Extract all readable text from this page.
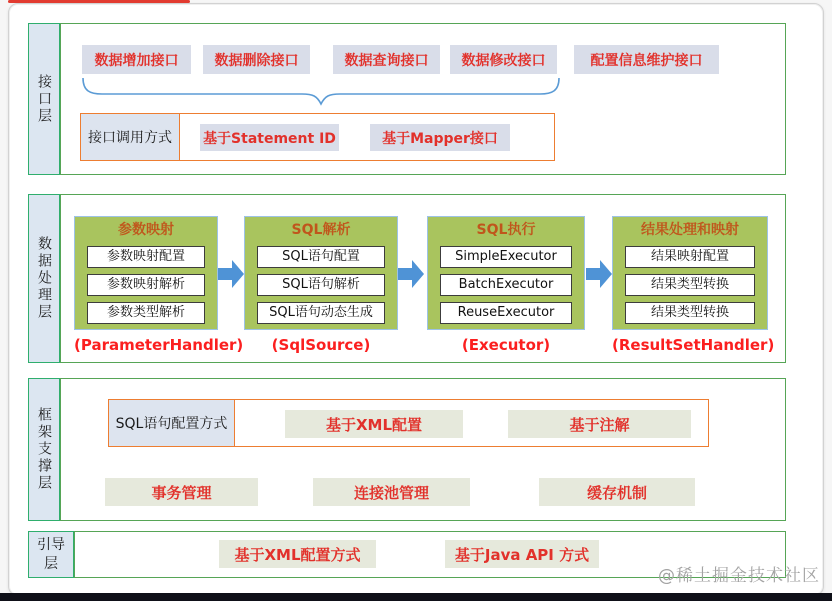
接口层
数据增加接口	数据删除接口	数据查询接口	数据修改接口	配置信息维护接口
接口调用方式	基于Statement ID	基于Mapper接口
数据处理层
参数映射
参数映射配置
参数映射解析
参数类型解析
SQL解析
SQL语句配置
SQL语句解析
SQL语句动态生成
SQL执行
SimpleExecutor
BatchExecutor
ReuseExecutor
结果处理和映射
结果映射配置
结果类型转换
结果类型转换
(ParameterHandler)	(SqlSource)	(Executor)	(ResultSetHandler)
框架支撑层	SQL语句配置方式	基于XML配置	基于注解
事务管理	连接池管理	缓存机制
引导层	基于XML配置方式	基于Java API 方式
@稀土掘金技术社区
